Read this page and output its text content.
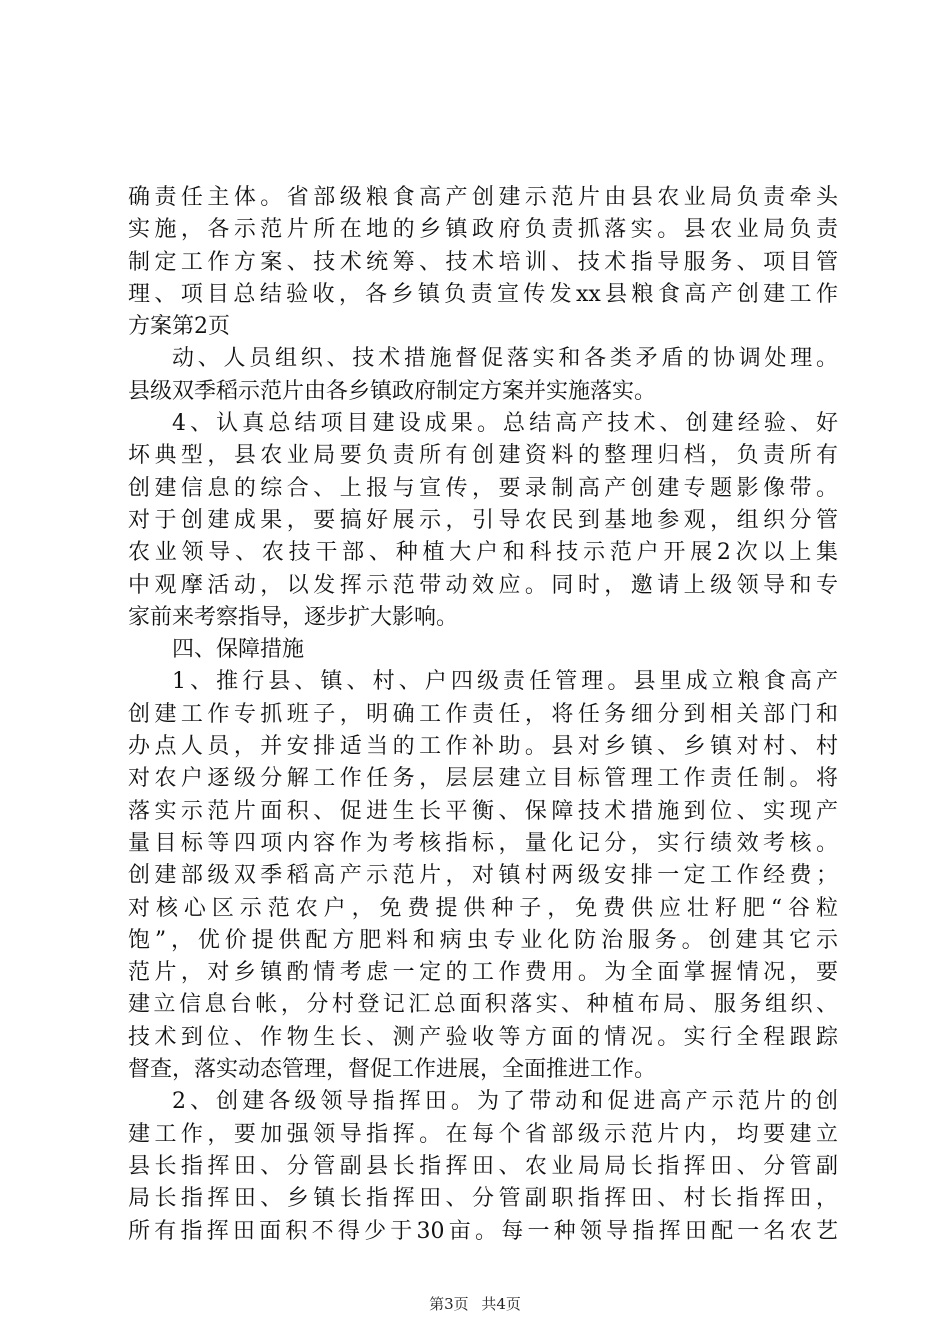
确责任主体。省部级粮食高产创建示范片由县农业局负责牵头
实施，各示范片所在地的乡镇政府负责抓落实。县农业局负责
制定工作方案、技术统筹、技术培训、技术指导服务、项目管
理、项目总结验收，各乡镇负责宣传发xx县粮食高产创建工作
方案第2页
动、人员组织、技术措施督促落实和各类矛盾的协调处理。
县级双季稻示范片由各乡镇政府制定方案并实施落实。
4、认真总结项目建设成果。总结高产技术、创建经验、好
坏典型，县农业局要负责所有创建资料的整理归档，负责所有
创建信息的综合、上报与宣传，要录制高产创建专题影像带。
对于创建成果，要搞好展示，引导农民到基地参观，组织分管
农业领导、农技干部、种植大户和科技示范户开展2次以上集
中观摩活动，以发挥示范带动效应。同时，邀请上级领导和专
家前来考察指导，逐步扩大影响。
四、保障措施
1、推行县、镇、村、户四级责任管理。县里成立粮食高产
创建工作专抓班子，明确工作责任，将任务细分到相关部门和
办点人员，并安排适当的工作补助。县对乡镇、乡镇对村、村
对农户逐级分解工作任务，层层建立目标管理工作责任制。将
落实示范片面积、促进生长平衡、保障技术措施到位、实现产
量目标等四项内容作为考核指标，量化记分，实行绩效考核。
创建部级双季稻高产示范片，对镇村两级安排一定工作经费；
对核心区示范农户，免费提供种子，免费供应壮籽肥“谷粒
饱”，优价提供配方肥料和病虫专业化防治服务。创建其它示
范片，对乡镇酌情考虑一定的工作费用。为全面掌握情况，要
建立信息台帐，分村登记汇总面积落实、种植布局、服务组织、
技术到位、作物生长、测产验收等方面的情况。实行全程跟踪
督查，落实动态管理，督促工作进展，全面推进工作。
2、创建各级领导指挥田。为了带动和促进高产示范片的创
建工作，要加强领导指挥。在每个省部级示范片内，均要建立
县长指挥田、分管副县长指挥田、农业局局长指挥田、分管副
局长指挥田、乡镇长指挥田、分管副职指挥田、村长指挥田，
所有指挥田面积不得少于30亩。每一种领导指挥田配一名农艺
第3页 共4页
